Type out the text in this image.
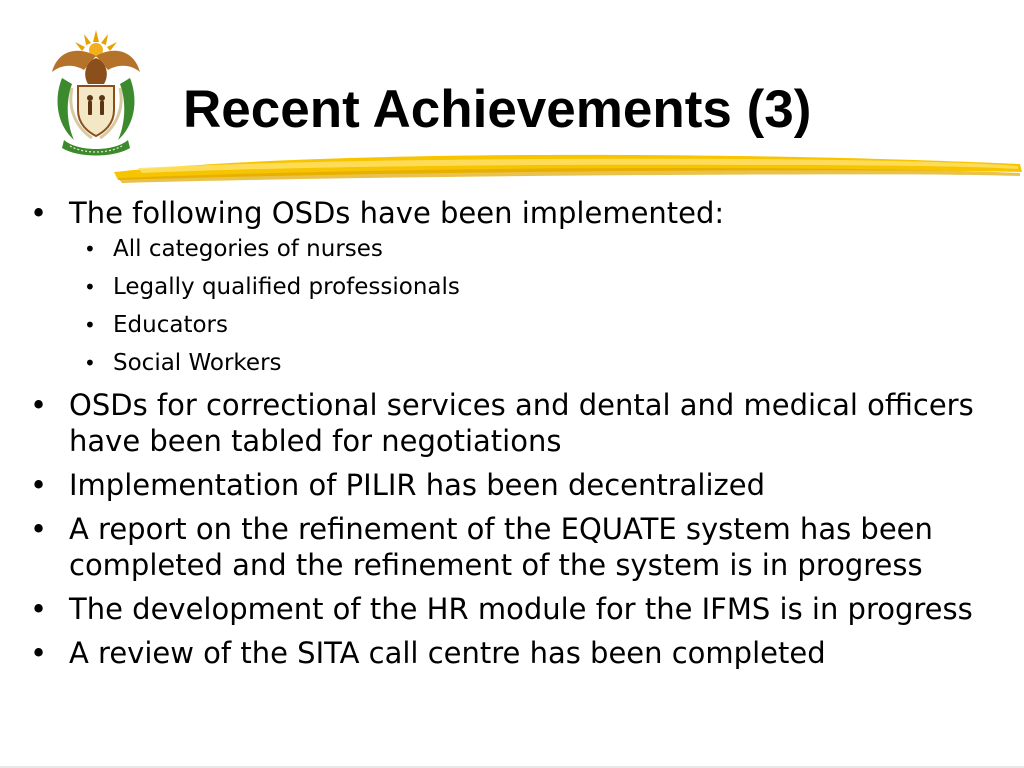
Recent Achievements (3)
• The following OSDs have been implemented:
• All categories of nurses
• Legally qualified professionals
• Educators
• Social Workers
• OSDs for correctional services and dental and medical officers have been tabled for negotiations
• Implementation of PILIR has been decentralized
• A report on the refinement of the EQUATE system has been completed and the refinement of the system is in progress
• The development of the HR module for the IFMS is in progress
• A review of the SITA call centre has been completed
